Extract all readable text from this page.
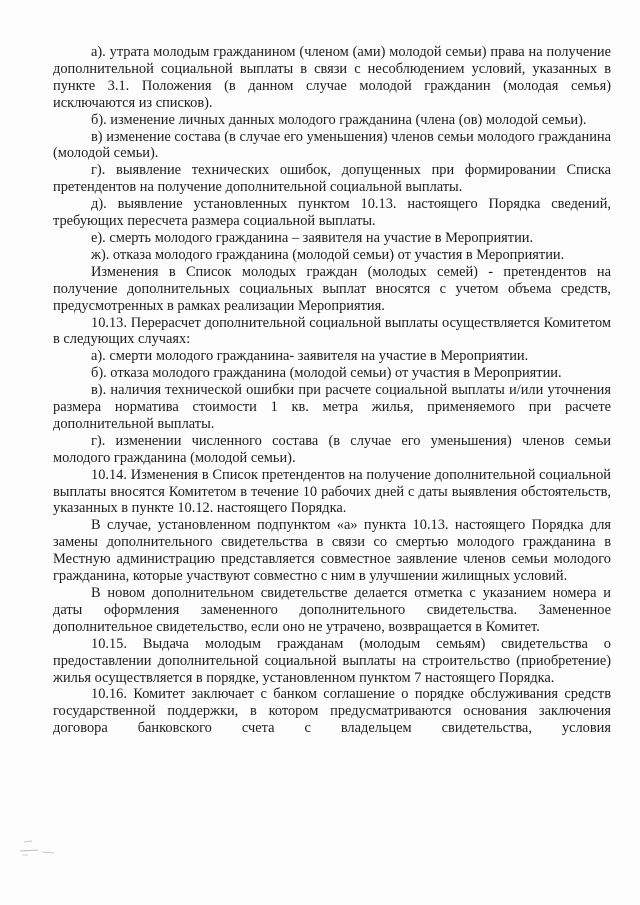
а). утрата молодым гражданином (членом (ами) молодой семьи) права на получение дополнительной социальной выплаты в связи с несоблюдением условий, указанных в пункте 3.1. Положения (в данном случае молодой гражданин (молодая семья) исключаются из списков).

б). изменение личных данных молодого гражданина (члена (ов) молодой семьи).

в) изменение состава (в случае его уменьшения) членов семьи молодого гражданина (молодой семьи).

г). выявление технических ошибок, допущенных при формировании Списка претендентов на получение дополнительной социальной выплаты.

д). выявление установленных пунктом 10.13. настоящего Порядка сведений, требующих пересчета размера социальной выплаты.

е). смерть молодого гражданина – заявителя на участие в Мероприятии.

ж). отказа молодого гражданина (молодой семьи) от участия в Мероприятии.

Изменения в Список молодых граждан (молодых семей) - претендентов на получение дополнительных социальных выплат вносятся с учетом объема средств, предусмотренных в рамках реализации Мероприятия.

10.13. Перерасчет дополнительной социальной выплаты осуществляется Комитетом в следующих случаях:

а). смерти молодого гражданина- заявителя на участие в Мероприятии.

б). отказа молодого гражданина (молодой семьи) от участия в Мероприятии.

в). наличия технической ошибки при расчете социальной выплаты и/или уточнения размера норматива стоимости 1 кв. метра жилья, применяемого при расчете дополнительной выплаты.

г). изменении численного состава (в случае его уменьшения) членов семьи молодого гражданина (молодой семьи).

10.14. Изменения в Список претендентов на получение дополнительной социальной выплаты вносятся Комитетом в течение 10 рабочих дней с даты выявления обстоятельств, указанных в пункте 10.12. настоящего Порядка.

В случае, установленном подпунктом «а» пункта 10.13. настоящего Порядка для замены дополнительного свидетельства в связи со смертью молодого гражданина в Местную администрацию представляется совместное заявление членов семьи молодого гражданина, которые участвуют совместно с ним в улучшении жилищных условий.

В новом дополнительном свидетельстве делается отметка с указанием номера и даты оформления замененного дополнительного свидетельства. Замененное дополнительное свидетельство, если оно не утрачено, возвращается в Комитет.

10.15. Выдача молодым гражданам (молодым семьям) свидетельства о предоставлении дополнительной социальной выплаты на строительство (приобретение) жилья осуществляется в порядке, установленном пунктом 7 настоящего Порядка.

10.16. Комитет заключает с банком соглашение о порядке обслуживания средств государственной поддержки, в котором предусматриваются основания заключения договора банковского счета с владельцем свидетельства, условия
